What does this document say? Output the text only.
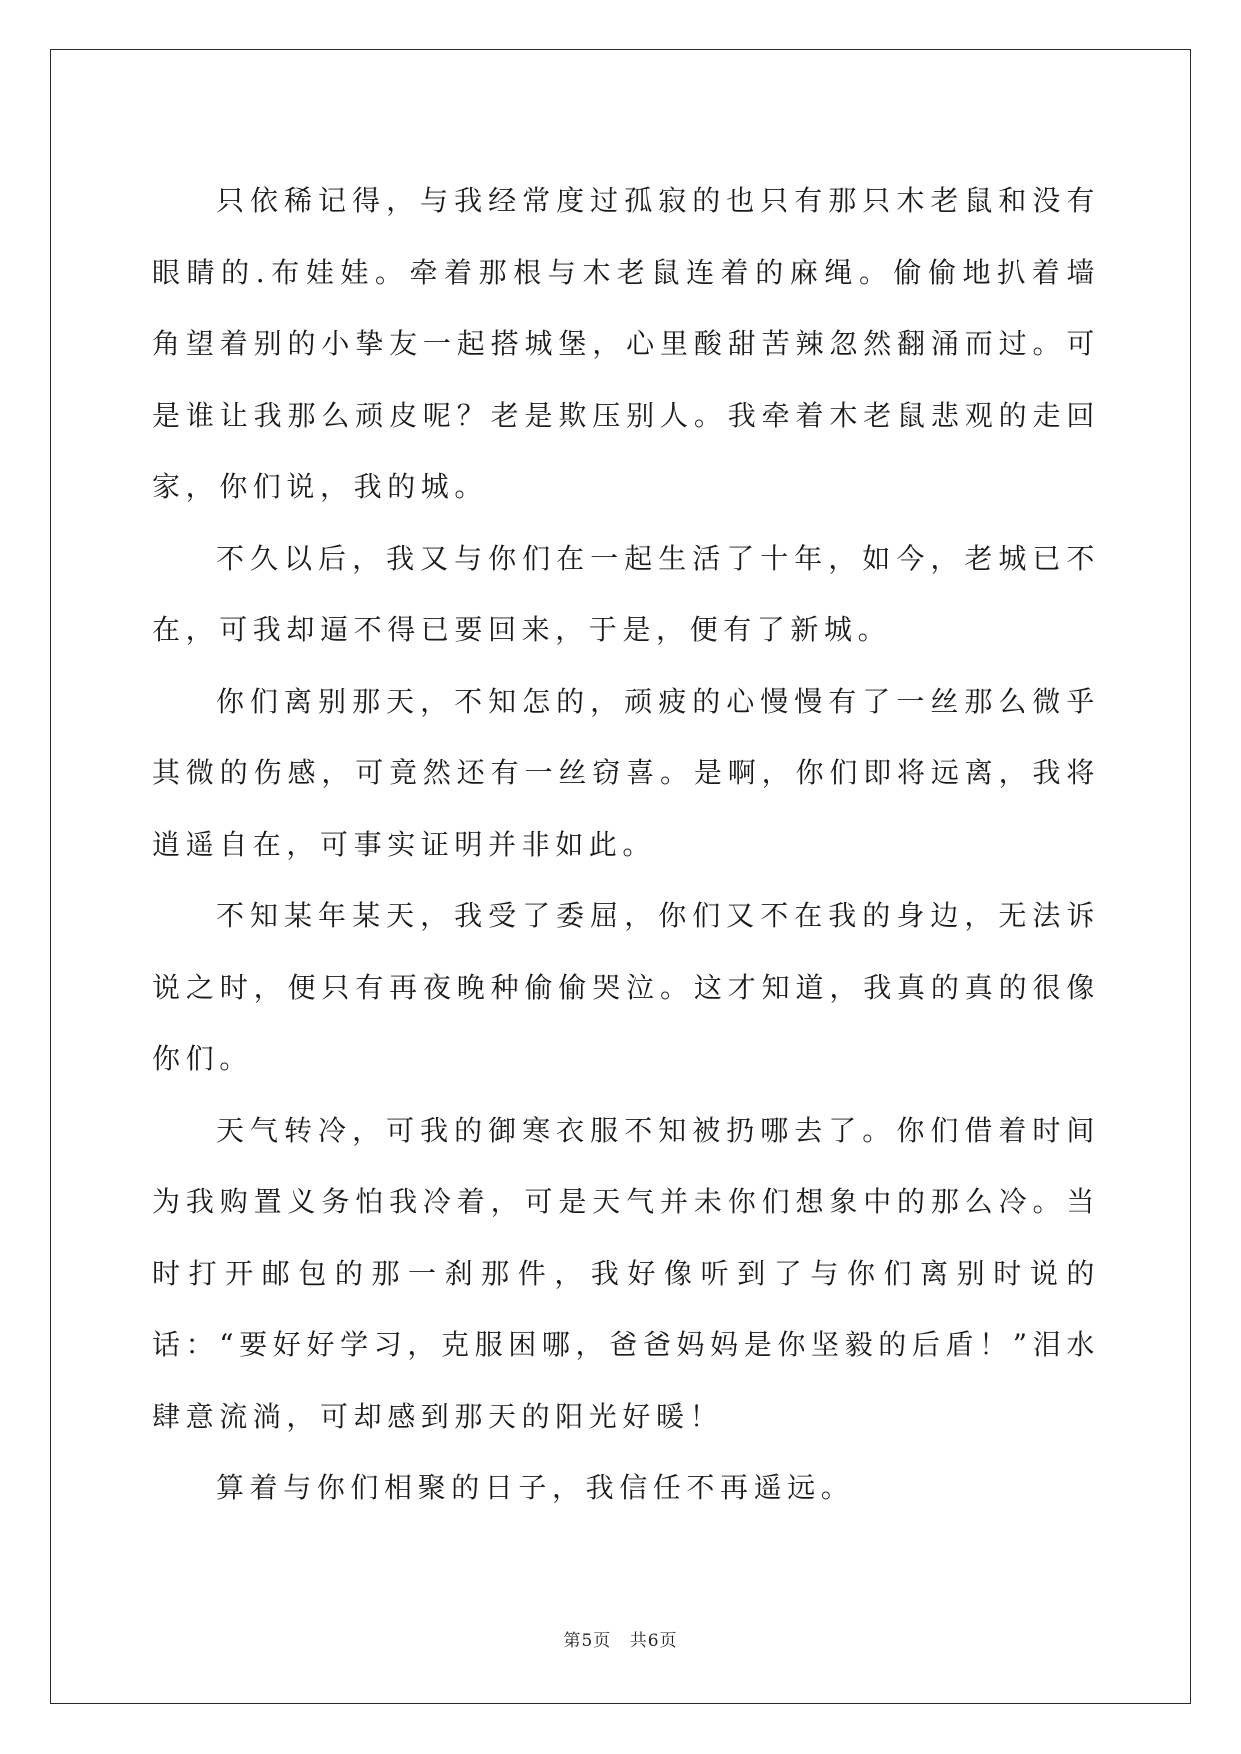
只依稀记得，与我经常度过孤寂的也只有那只木老鼠和没有眼睛的.布娃娃。牵着那根与木老鼠连着的麻绳。偷偷地扒着墙角望着别的小挚友一起搭城堡，心里酸甜苦辣忽然翻涌而过。可是谁让我那么顽皮呢？老是欺压别人。我牵着木老鼠悲观的走回家，你们说，我的城。

不久以后，我又与你们在一起生活了十年，如今，老城已不在，可我却逼不得已要回来，于是，便有了新城。

你们离别那天，不知怎的，顽疲的心慢慢有了一丝那么微乎其微的伤感，可竟然还有一丝窃喜。是啊，你们即将远离，我将逍遥自在，可事实证明并非如此。

不知某年某天，我受了委屈，你们又不在我的身边，无法诉说之时，便只有再夜晚种偷偷哭泣。这才知道，我真的真的很像你们。

天气转冷，可我的御寒衣服不知被扔哪去了。你们借着时间为我购置义务怕我冷着，可是天气并未你们想象中的那么冷。当时打开邮包的那一刹那件，我好像听到了与你们离别时说的话：“要好好学习，克服困哪，爸爸妈妈是你坚毅的后盾！”泪水肆意流淌，可却感到那天的阳光好暖！

算着与你们相聚的日子，我信任不再遥远。

第5页 共6页
